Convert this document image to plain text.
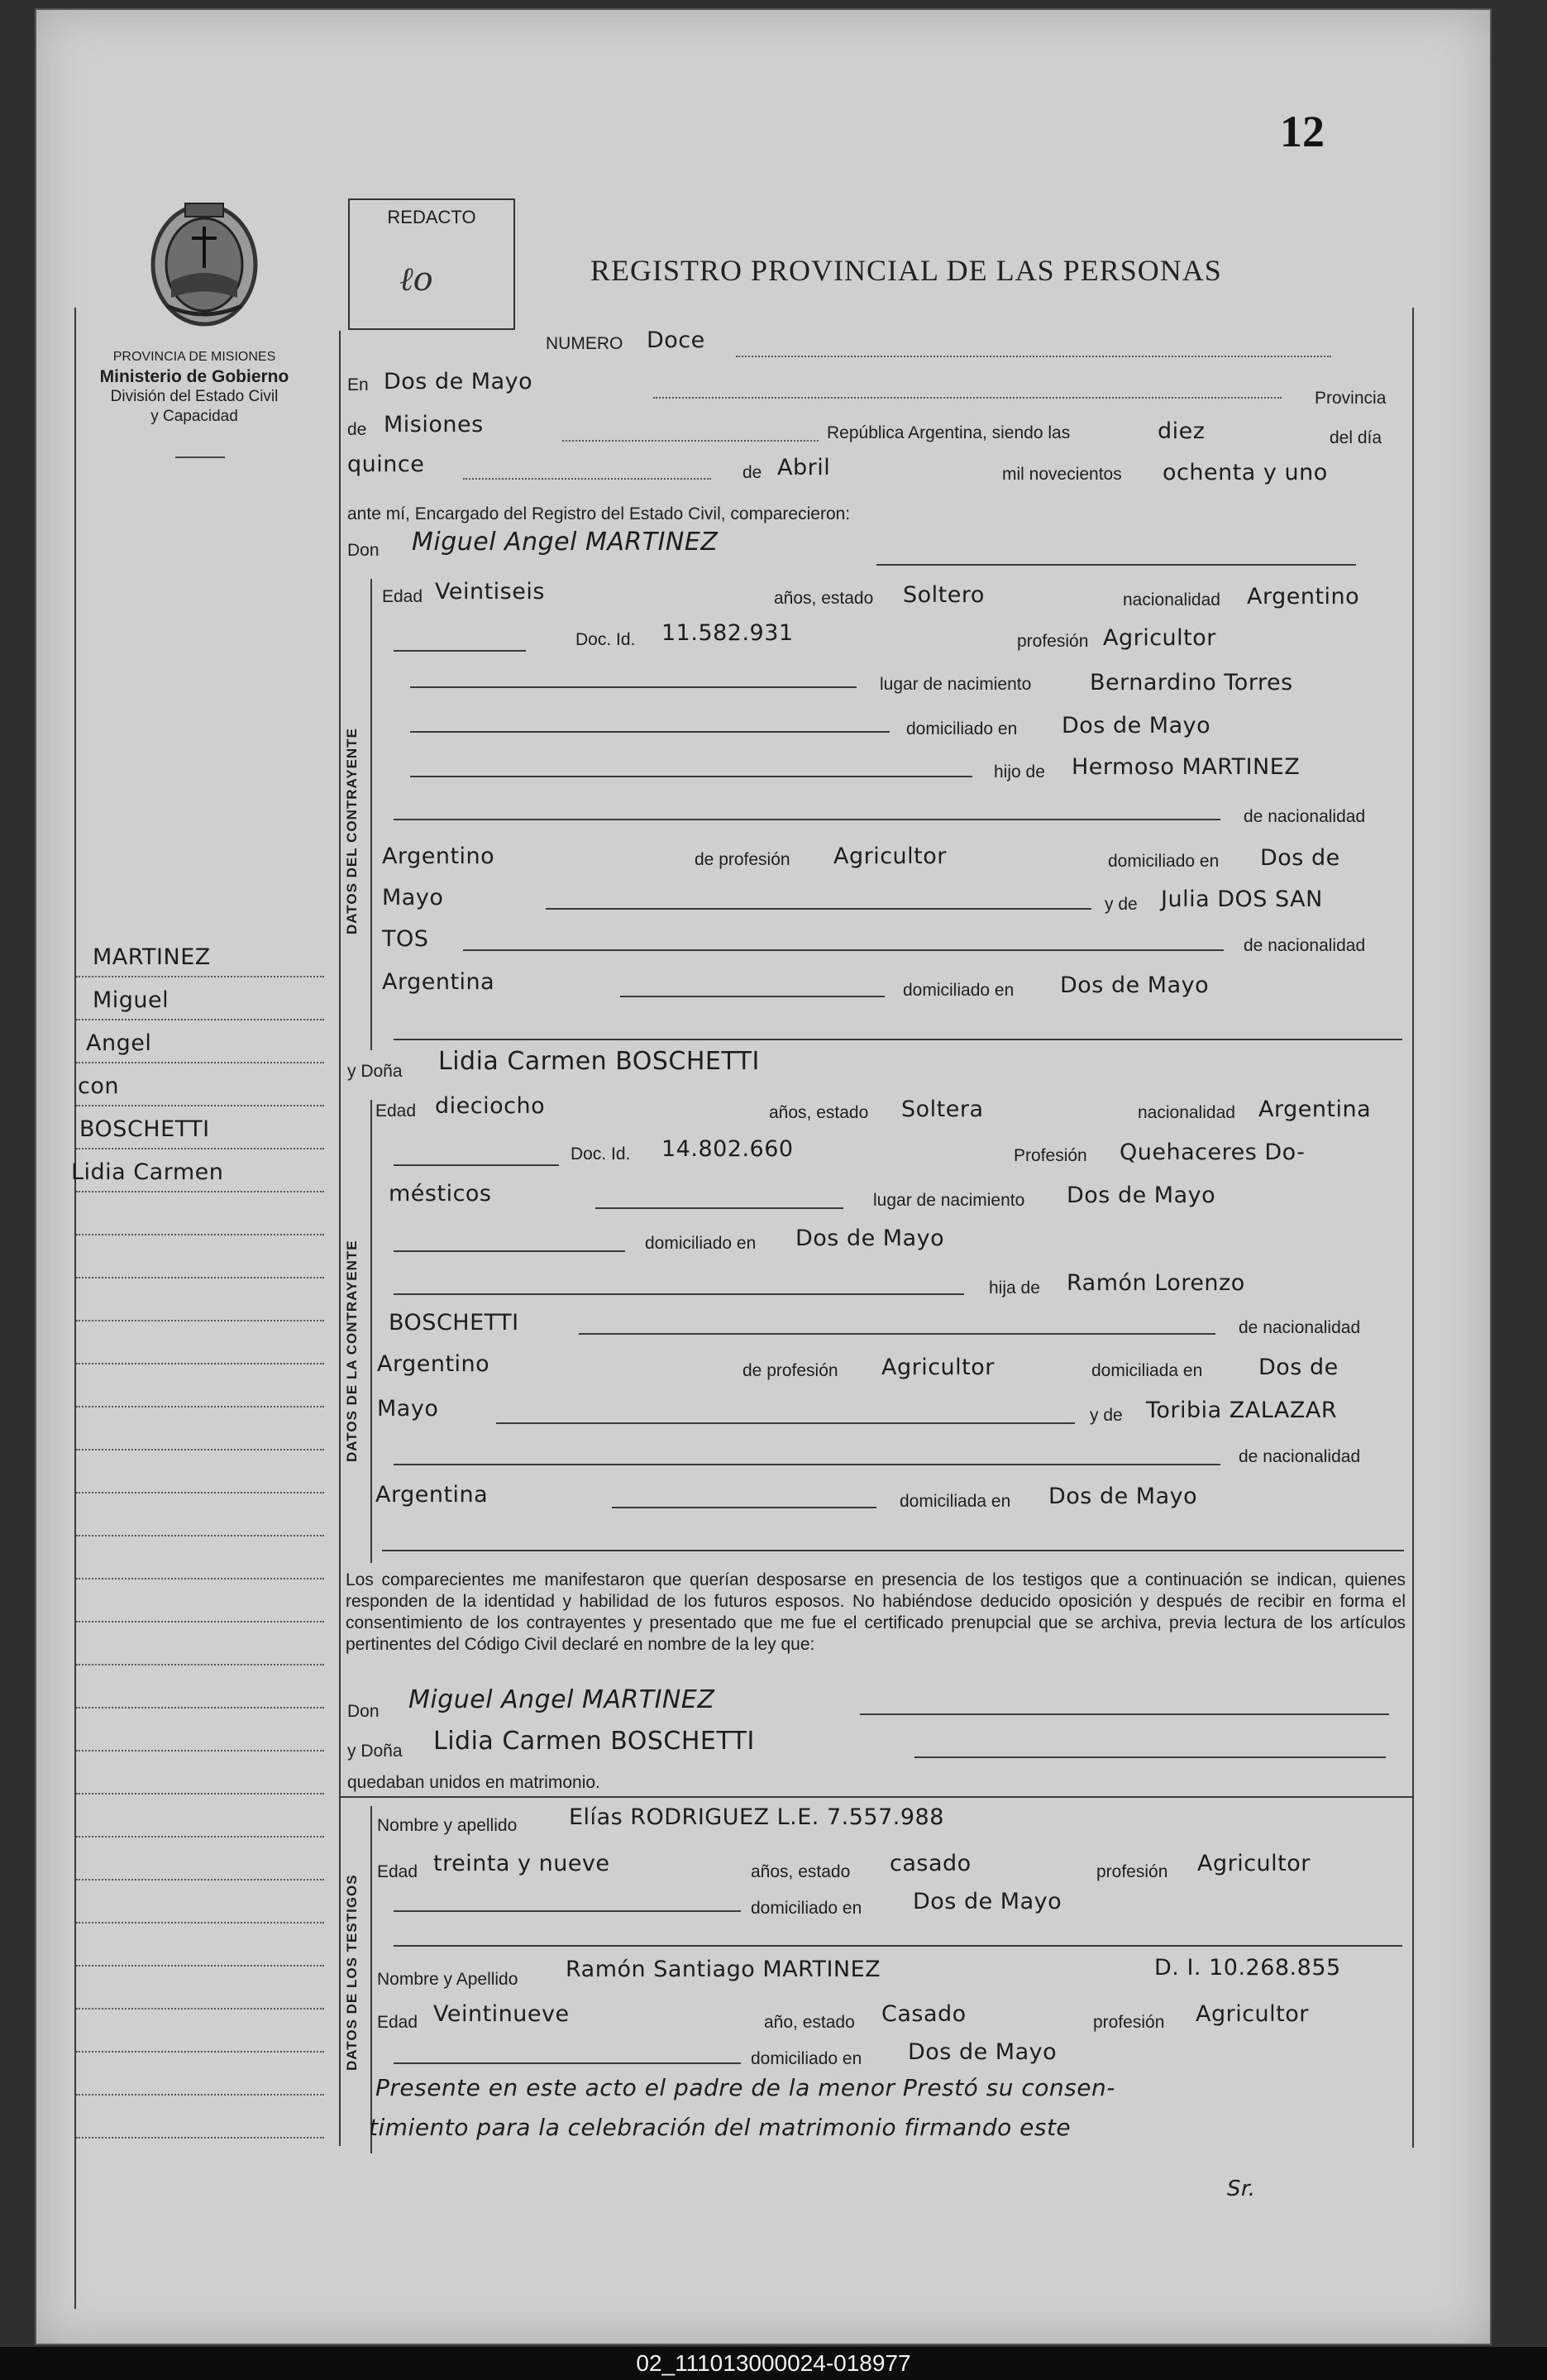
12
PROVINCIA DE MISIONES
Ministerio de Gobierno
División del Estado Civil
y Capacidad
REDACTO
ℓo	REGISTRO PROVINCIAL DE LAS PERSONAS
MARTINEZ
Miguel
Angel
con
BOSCHETTI
Lidia Carmen
NUMERO Doce
En Dos de Mayo
Provincia
de Misiones	República Argentina, siendo las	diez	del día
quince	de Abril	mil novecientos ochenta y uno
ante mí, Encargado del Registro del Estado Civil, comparecieron:
Don Miguel Angel MARTINEZ
DATOS DEL CONTRAYENTE
Edad Veintiseis	años, estado Soltero	nacionalidad Argentino
Doc. Id. 11.582.931	profesión Agricultor
lugar de nacimiento	Bernardino Torres
domiciliado en Dos de Mayo
hijo de Hermoso MARTINEZ
de nacionalidad
Argentino	de profesión Agricultor	domiciliado en Dos de
Mayo	y de Julia DOS SAN
TOS	de nacionalidad
Argentina	domiciliado en Dos de Mayo
y Doña Lidia Carmen BOSCHETTI
DATOS DE LA CONTRAYENTE
Edad dieciocho	años, estado Soltera	nacionalidad Argentina
Doc. Id. 14.802.660	Profesión Quehaceres Do-
mésticos	lugar de nacimiento Dos de Mayo
domiciliado en Dos de Mayo
hija de Ramón Lorenzo
BOSCHETTI	de nacionalidad
Argentino	de profesión Agricultor	domiciliada en	Dos de
Mayo	y de Toribia ZALAZAR
de nacionalidad
Argentina	domiciliada en Dos de Mayo
Los comparecientes me manifestaron que querían desposarse en presencia de los testigos que a continuación se indican, quienes responden de la identidad y habilidad de los futuros esposos. No habiéndose deducido oposición y después de recibir en forma el consentimiento de los contrayentes y presentado que me fue el certificado prenupcial que se archiva, previa lectura de los artículos pertinentes del Código Civil declaré en nombre de la ley que:
Don Miguel Angel MARTINEZ
y Doña Lidia Carmen BOSCHETTI
quedaban unidos en matrimonio.
DATOS DE LOS TESTIGOS
Nombre y apellido Elías RODRIGUEZ L.E. 7.557.988
Edad treinta y nueve	años, estado casado	profesión Agricultor
domiciliado en Dos de Mayo
Nombre y Apellido Ramón Santiago MARTINEZ	D. I. 10.268.855
Edad Veintinueve	año, estado Casado	profesión Agricultor
domiciliado en Dos de Mayo
Presente en este acto el padre de la menor Prestó su consen-
timiento para la celebración del matrimonio firmando este
Sr.
02_111013000024-018977
